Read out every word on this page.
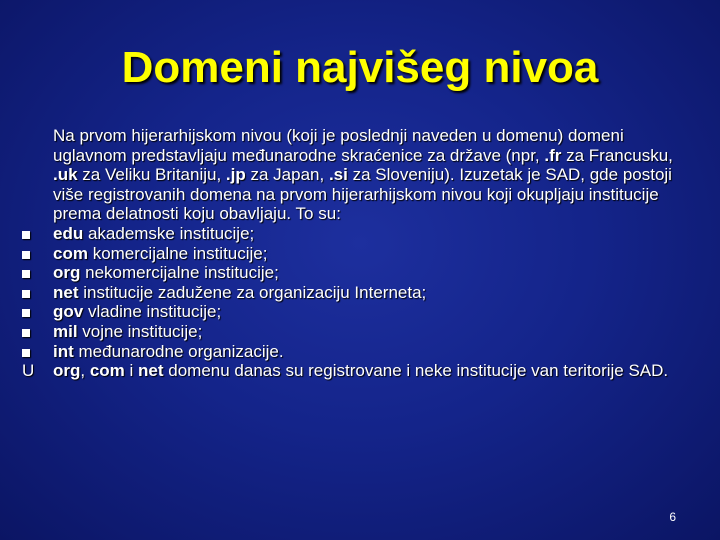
Domeni najvišeg nivoa
Na prvom hijerarhijskom nivou (koji je poslednji naveden u domenu) domeni uglavnom predstavljaju međunarodne skraćenice za države (npr, .fr za Francusku, .uk za Veliku Britaniju, .jp za Japan, .si za Sloveniju). Izuzetak je SAD, gde postoji više registrovanih domena na prvom hijerarhijskom nivou koji okupljaju institucije prema delatnosti koju obavljaju. To su:
edu akademske institucije;
com komercijalne institucije;
org nekomercijalne institucije;
net institucije zadužene za organizaciju Interneta;
gov vladine institucije;
mil vojne institucije;
int međunarodne organizacije.
U org, com i net domenu danas su registrovane i neke institucije van teritorije SAD.
6
